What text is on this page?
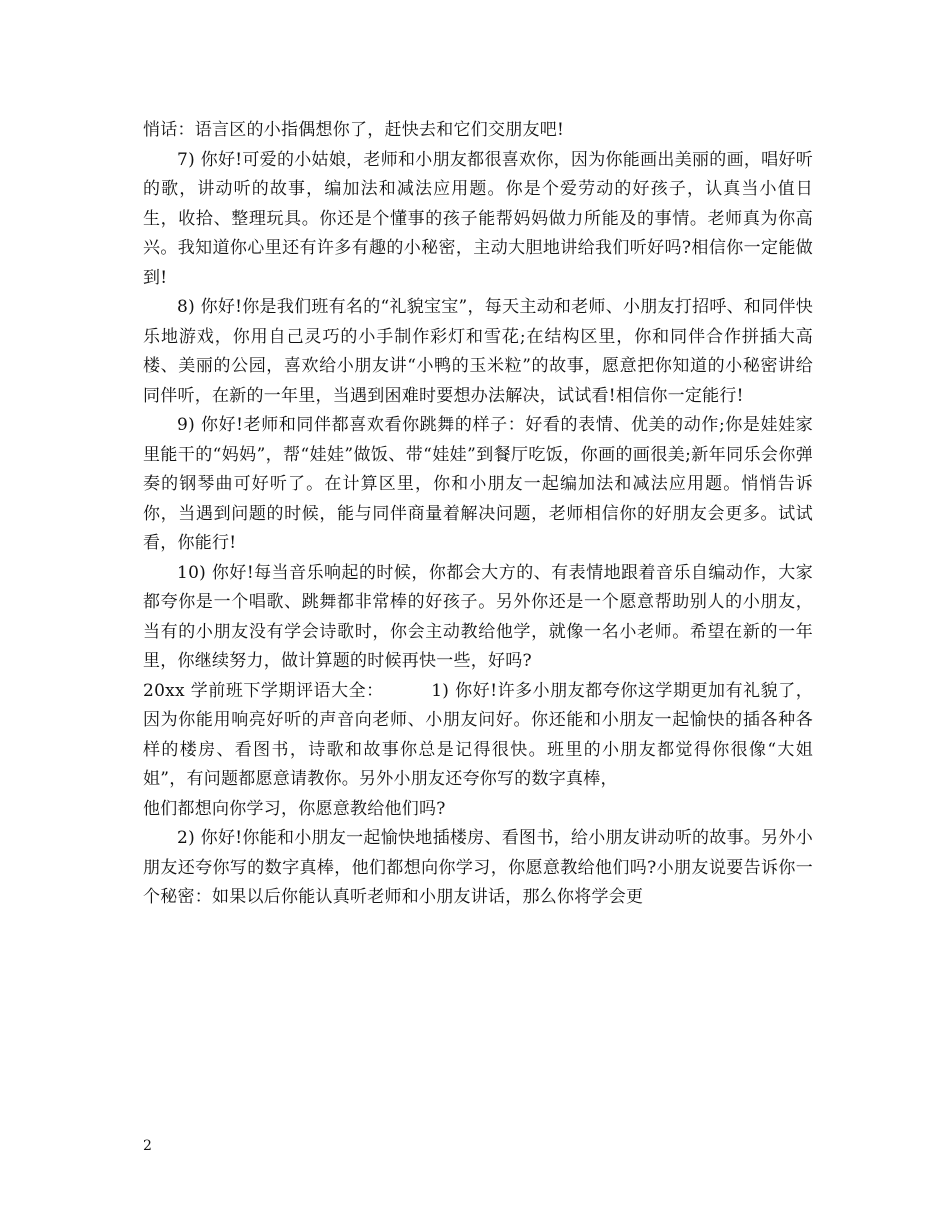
悄话：语言区的小指偶想你了，赶快去和它们交朋友吧!

7) 你好!可爱的小姑娘，老师和小朋友都很喜欢你，因为你能画出美丽的画，唱好听的歌，讲动听的故事，编加法和减法应用题。你是个爱劳动的好孩子，认真当小值日生，收拾、整理玩具。你还是个懂事的孩子能帮妈妈做力所能及的事情。老师真为你高兴。我知道你心里还有许多有趣的小秘密，主动大胆地讲给我们听好吗?相信你一定能做到!

8) 你好!你是我们班有名的“礼貌宝宝”，每天主动和老师、小朋友打招呼、和同伴快乐地游戏，你用自己灵巧的小手制作彩灯和雪花;在结构区里，你和同伴合作拼插大高楼、美丽的公园，喜欢给小朋友讲“小鸭的玉米粒”的故事，愿意把你知道的小秘密讲给同伴听，在新的一年里，当遇到困难时要想办法解决，试试看!相信你一定能行!

9) 你好!老师和同伴都喜欢看你跳舞的样子：好看的表情、优美的动作;你是娃娃家里能干的“妈妈”，帮“娃娃”做饭、带“娃娃”到餐厅吃饭，你画的画很美;新年同乐会你弹奏的钢琴曲可好听了。在计算区里，你和小朋友一起编加法和减法应用题。悄悄告诉你，当遇到问题的时候，能与同伴商量着解决问题，老师相信你的好朋友会更多。试试看，你能行!

10) 你好!每当音乐响起的时候，你都会大方的、有表情地跟着音乐自编动作，大家都夸你是一个唱歌、跳舞都非常棒的好孩子。另外你还是一个愿意帮助别人的小朋友，当有的小朋友没有学会诗歌时，你会主动教给他学，就像一名小老师。希望在新的一年里，你继续努力，做计算题的时候再快一些，好吗?

20xx 学前班下学期评语大全：        1) 你好!许多小朋友都夸你这学期更加有礼貌了，因为你能用响亮好听的声音向老师、小朋友问好。你还能和小朋友一起愉快的插各种各样的楼房、看图书，诗歌和故事你总是记得很快。班里的小朋友都觉得你很像“大姐姐”，有问题都愿意请教你。另外小朋友还夸你写的数字真棒，
他们都想向你学习，你愿意教给他们吗?

2) 你好!你能和小朋友一起愉快地插楼房、看图书，给小朋友讲动听的故事。另外小朋友还夸你写的数字真棒，他们都想向你学习，你愿意教给他们吗?小朋友说要告诉你一个秘密：如果以后你能认真听老师和小朋友讲话，那么你将学会更

2
